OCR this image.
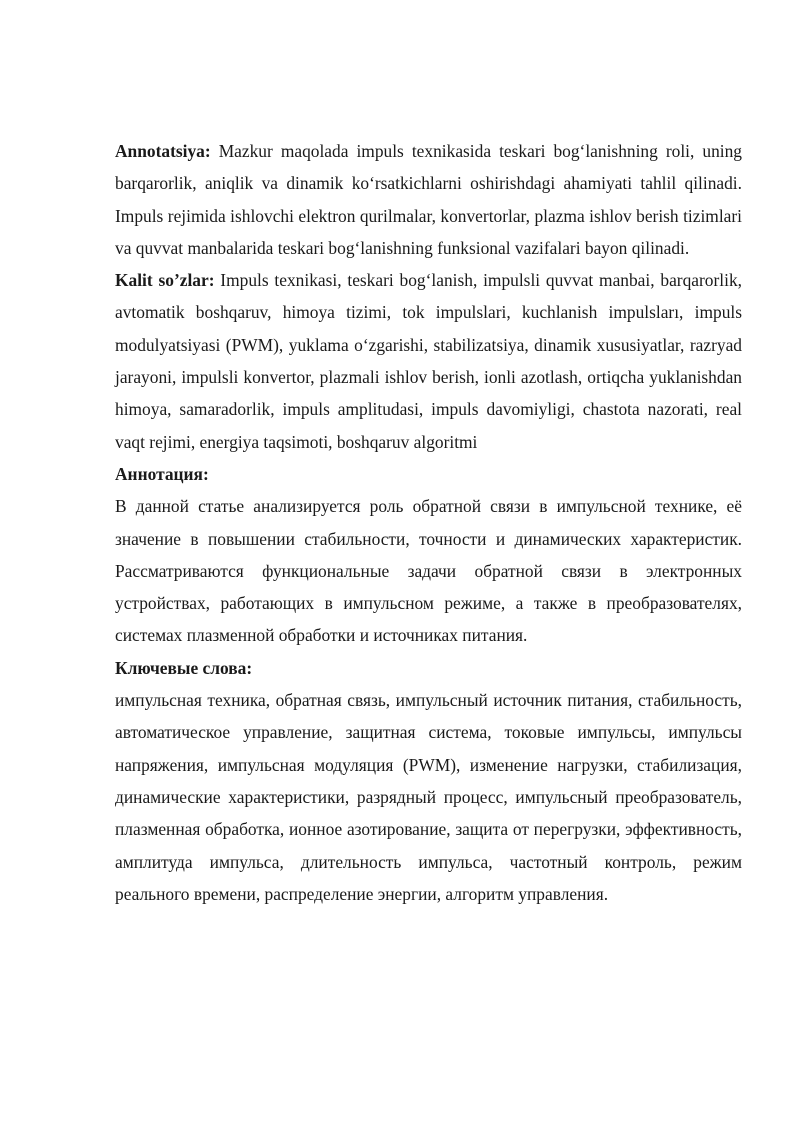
Annotatsiya: Mazkur maqolada impuls texnikasida teskari bog‘lanishning roli, uning barqarorlik, aniqlik va dinamik ko‘rsatkichlarni oshirishdagi ahamiyati tahlil qilinadi. Impuls rejimida ishlovchi elektron qurilmalar, konvertorlar, plazma ishlov berish tizimlari va quvvat manbalarida teskari bog‘lanishning funksional vazifalari bayon qilinadi.

Kalit so’zlar: Impuls texnikasi, teskari bog‘lanish, impulsli quvvat manbai, barqarorlik, avtomatik boshqaruv, himoya tizimi, tok impulslari, kuchlanish impulsları, impuls modulyatsiyasi (PWM), yuklama o‘zgarishi, stabilizatsiya, dinamik xususiyatlar, razryad jarayoni, impulsli konvertor, plazmali ishlov berish, ionli azotlash, ortiqcha yuklanishdan himoya, samaradorlik, impuls amplitudasi, impuls davomiyligi, chastota nazorati, real vaqt rejimi, energiya taqsimoti, boshqaruv algoritmi

Аннотация:

В данной статье анализируется роль обратной связи в импульсной технике, её значение в повышении стабильности, точности и динамических характеристик. Рассматриваются функциональные задачи обратной связи в электронных устройствах, работающих в импульсном режиме, а также в преобразователях, системах плазменной обработки и источниках питания.

Ключевые слова:

импульсная техника, обратная связь, импульсный источник питания, стабильность, автоматическое управление, защитная система, токовые импульсы, импульсы напряжения, импульсная модуляция (PWM), изменение нагрузки, стабилизация, динамические характеристики, разрядный процесс, импульсный преобразователь, плазменная обработка, ионное азотирование, защита от перегрузки, эффективность, амплитуда импульса, длительность импульса, частотный контроль, режим реального времени, распределение энергии, алгоритм управления.
